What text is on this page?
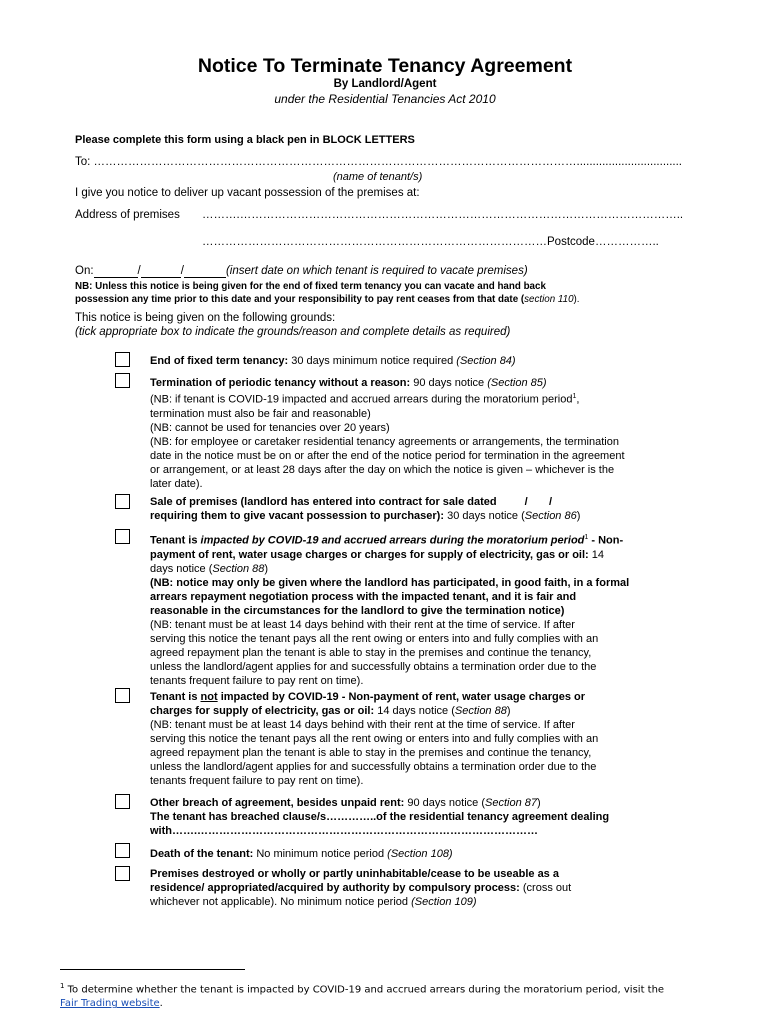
Notice To Terminate Tenancy Agreement
By Landlord/Agent
under the Residential Tenancies Act 2010
Please complete this form using a black pen in BLOCK LETTERS
To: ……………………………………………………………………………………………………………….................................
(name of tenant/s)
I give you notice to deliver up vacant possession of the premises at:
Address of premises ……….……………………………………………………………………………………………………..
………………………………………………………………………………Postcode……………..
On:	/	/	(insert date on which tenant is required to vacate premises)
NB: Unless this notice is being given for the end of fixed term tenancy you can vacate and hand back
possession any time prior to this date and your responsibility to pay rent ceases from that date (section 110).
This notice is being given on the following grounds:
(tick appropriate box to indicate the grounds/reason and complete details as required)
End of fixed term tenancy: 30 days minimum notice required (Section 84)
Termination of periodic tenancy without a reason: 90 days notice (Section 85)
(NB: if tenant is COVID-19 impacted and accrued arrears during the moratorium period$^1$,
termination must also be fair and reasonable)
(NB: cannot be used for tenancies over 20 years)
(NB: for employee or caretaker residential tenancy agreements or arrangements, the termination
date in the notice must be on or after the end of the notice period for termination in the agreement
or arrangement, or at least 28 days after the day on which the notice is given – whichever is the
later date).
Sale of premises (landlord has entered into contract for sale dated	/       /
requiring them to give vacant possession to purchaser): 30 days notice (Section 86)
Tenant is impacted by COVID-19 and accrued arrears during the moratorium period$^1$ - Non-
payment of rent, water usage charges or charges for supply of electricity, gas or oil: 14
days notice (Section 88)
(NB: notice may only be given where the landlord has participated, in good faith, in a formal
arrears repayment negotiation process with the impacted tenant, and it is fair and
reasonable in the circumstances for the landlord to give the termination notice)
(NB: tenant must be at least 14 days behind with their rent at the time of service. If after
serving this notice the tenant pays all the rent owing or enters into and fully complies with an
agreed repayment plan the tenant is able to stay in the premises and continue the tenancy,
unless the landlord/agent applies for and successfully obtains a termination order due to the
tenants frequent failure to pay rent on time).
Tenant is not impacted by COVID-19 - Non-payment of rent, water usage charges or
charges for supply of electricity, gas or oil: 14 days notice (Section 88)
(NB: tenant must be at least 14 days behind with their rent at the time of service. If after
serving this notice the tenant pays all the rent owing or enters into and fully complies with an
agreed repayment plan the tenant is able to stay in the premises and continue the tenancy,
unless the landlord/agent applies for and successfully obtains a termination order due to the
tenants frequent failure to pay rent on time).
Other breach of agreement, besides unpaid rent: 90 days notice (Section 87)
The tenant has breached clause/s…………..of the residential tenancy agreement dealing
with…….…………………………………………………………………………………
Death of the tenant: No minimum notice period (Section 108)
Premises destroyed or wholly or partly uninhabitable/cease to be useable as a
residence/ appropriated/acquired by authority by compulsory process: (cross out
whichever not applicable). No minimum notice period (Section 109)
$^1$ To determine whether the tenant is impacted by COVID-19 and accrued arrears during the moratorium period, visit the
Fair Trading website.
